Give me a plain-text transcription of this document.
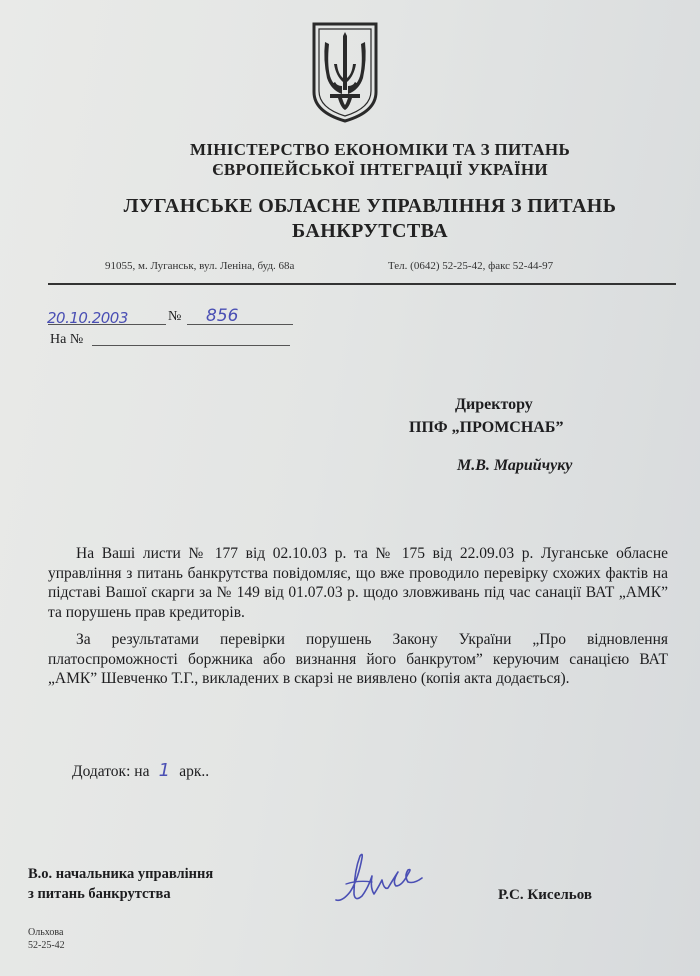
МІНІСТЕРСТВО ЕКОНОМІКИ ТА З ПИТАНЬ
ЄВРОПЕЙСЬКОЇ ІНТЕГРАЦІЇ УКРАЇНИ
ЛУГАНСЬКЕ ОБЛАСНЕ УПРАВЛІННЯ З ПИТАНЬ
БАНКРУТСТВА
91055, м. Луганськ, вул. Леніна, буд. 68а	Тел. (0642) 52-25-42, факс 52-44-97
20.10.2003	№ 856
На №
Директору
ППФ „ПРОМСНАБ”
М.В. Марийчуку

На Ваші листи № 177 від 02.10.03 р. та № 175 від 22.09.03 р. Луганське обласне управління з питань банкрутства повідомляє, що вже проводило перевірку схожих фактів на підставі Вашої скарги за № 149 від 01.07.03 р. щодо зловживань під час санації ВАТ „АМК” та порушень прав кредиторів.

За результатами перевірки порушень Закону України „Про відновлення платоспроможності боржника або визнання його банкрутом” керуючим санацією ВАТ „АМК” Шевченко Т.Г., викладених в скарзі не виявлено (копія акта додається).

Додаток: на 1 арк..
В.о. начальника управління
з питань банкрутства	Р.С. Кисельов
Ольхова
52-25-42
